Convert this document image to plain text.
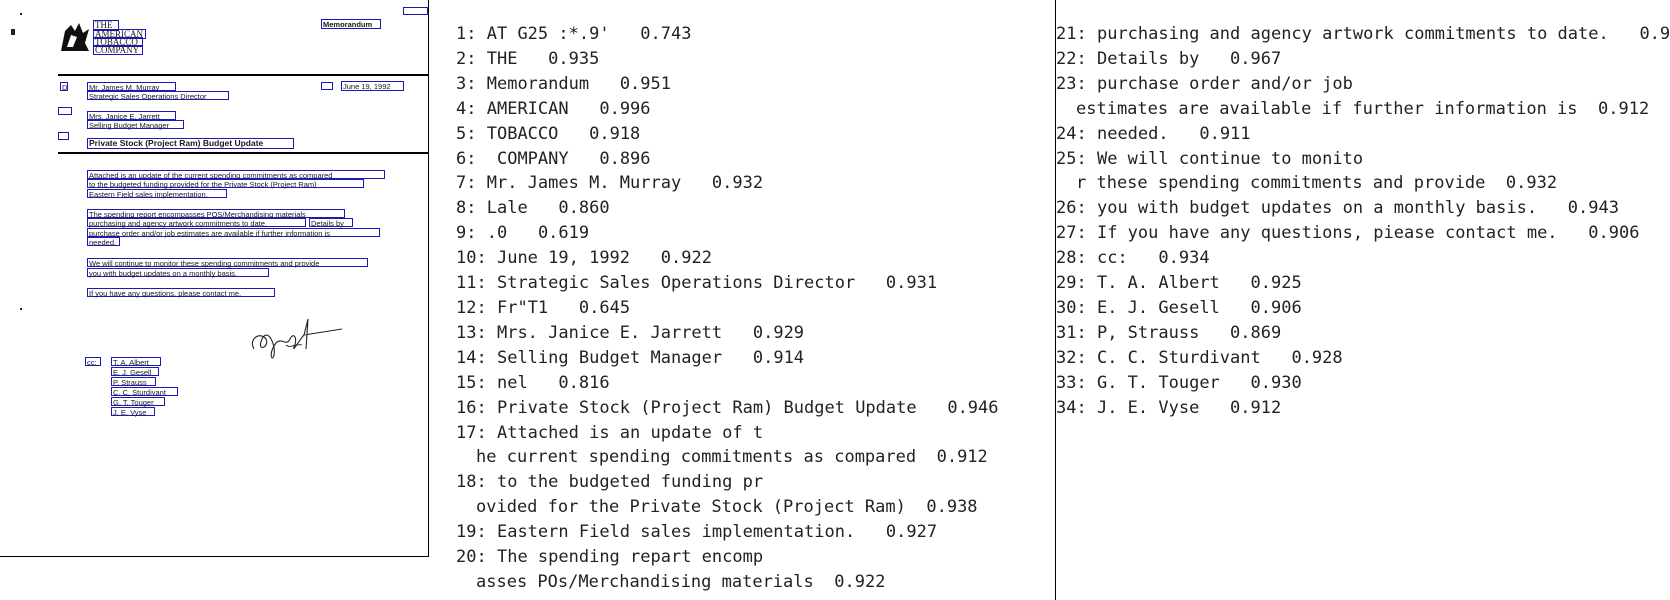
THE
AMERICAN
TOBACCO
COMPANY
Memorandum
D	Mr. James M. Murray
Strategic Sales Operations Director
June 19, 1992
Mrs. Janice E. Jarrett
Selling Budget Manager
Private Stock (Project Ram) Budget Update
Attached is an update of the current spending commitments as compared
to the budgeted funding provided for the Private Stock (Project Ram)
Eastern Field sales implementation.
The spending report encompasses POS/Merchandising materials
purchasing and agency artwork commitments to date.	Details by
purchase order and/or job estimates are available if further information is
needed.
We will continue to monitor these spending commitments and provide
you with budget updates on a monthly basis.
If you have any questions, please contact me.
cc:	T. A. Albert
E. J. Gesell
P. Strauss
C. C. Sturdivant
G. T. Touger
J. E. Vyse
1: AT G25 :*.9' 0.743
2: THE 0.935
3: Memorandum 0.951
4: AMERICAN 0.996
5: TOBACCO 0.918
6:  COMPANY 0.896
7: Mr. James M. Murray 0.932
8: Lale 0.860
9: .0 0.619
10: June 19, 1992 0.922
11: Strategic Sales Operations Director 0.931
12: Fr"T1 0.645
13: Mrs. Janice E. Jarrett 0.929
14: Selling Budget Manager 0.914
15: nel 0.816
16: Private Stock (Project Ram) Budget Update 0.946
17: Attached is an update of t
he current spending commitments as compared 0.912
18: to the budgeted funding pr
ovided for the Private Stock (Project Ram) 0.938
19: Eastern Field sales implementation. 0.927
20: The spending repart encomp
asses POs/Merchandising materials 0.922
21: purchasing and agency artwork commitments to date. 0.9
22: Details by 0.967
23: purchase order and/or job
estimates are available if further information is 0.912
24: needed. 0.911
25: We will continue to monito
r these spending commitments and provide 0.932
26: you with budget updates on a monthly basis. 0.943
27: If you have any questions, piease contact me. 0.906
28: cc: 0.934
29: T. A. Albert 0.925
30: E. J. Gesell 0.906
31: P, Strauss 0.869
32: C. C. Sturdivant 0.928
33: G. T. Touger 0.930
34: J. E. Vyse 0.912
